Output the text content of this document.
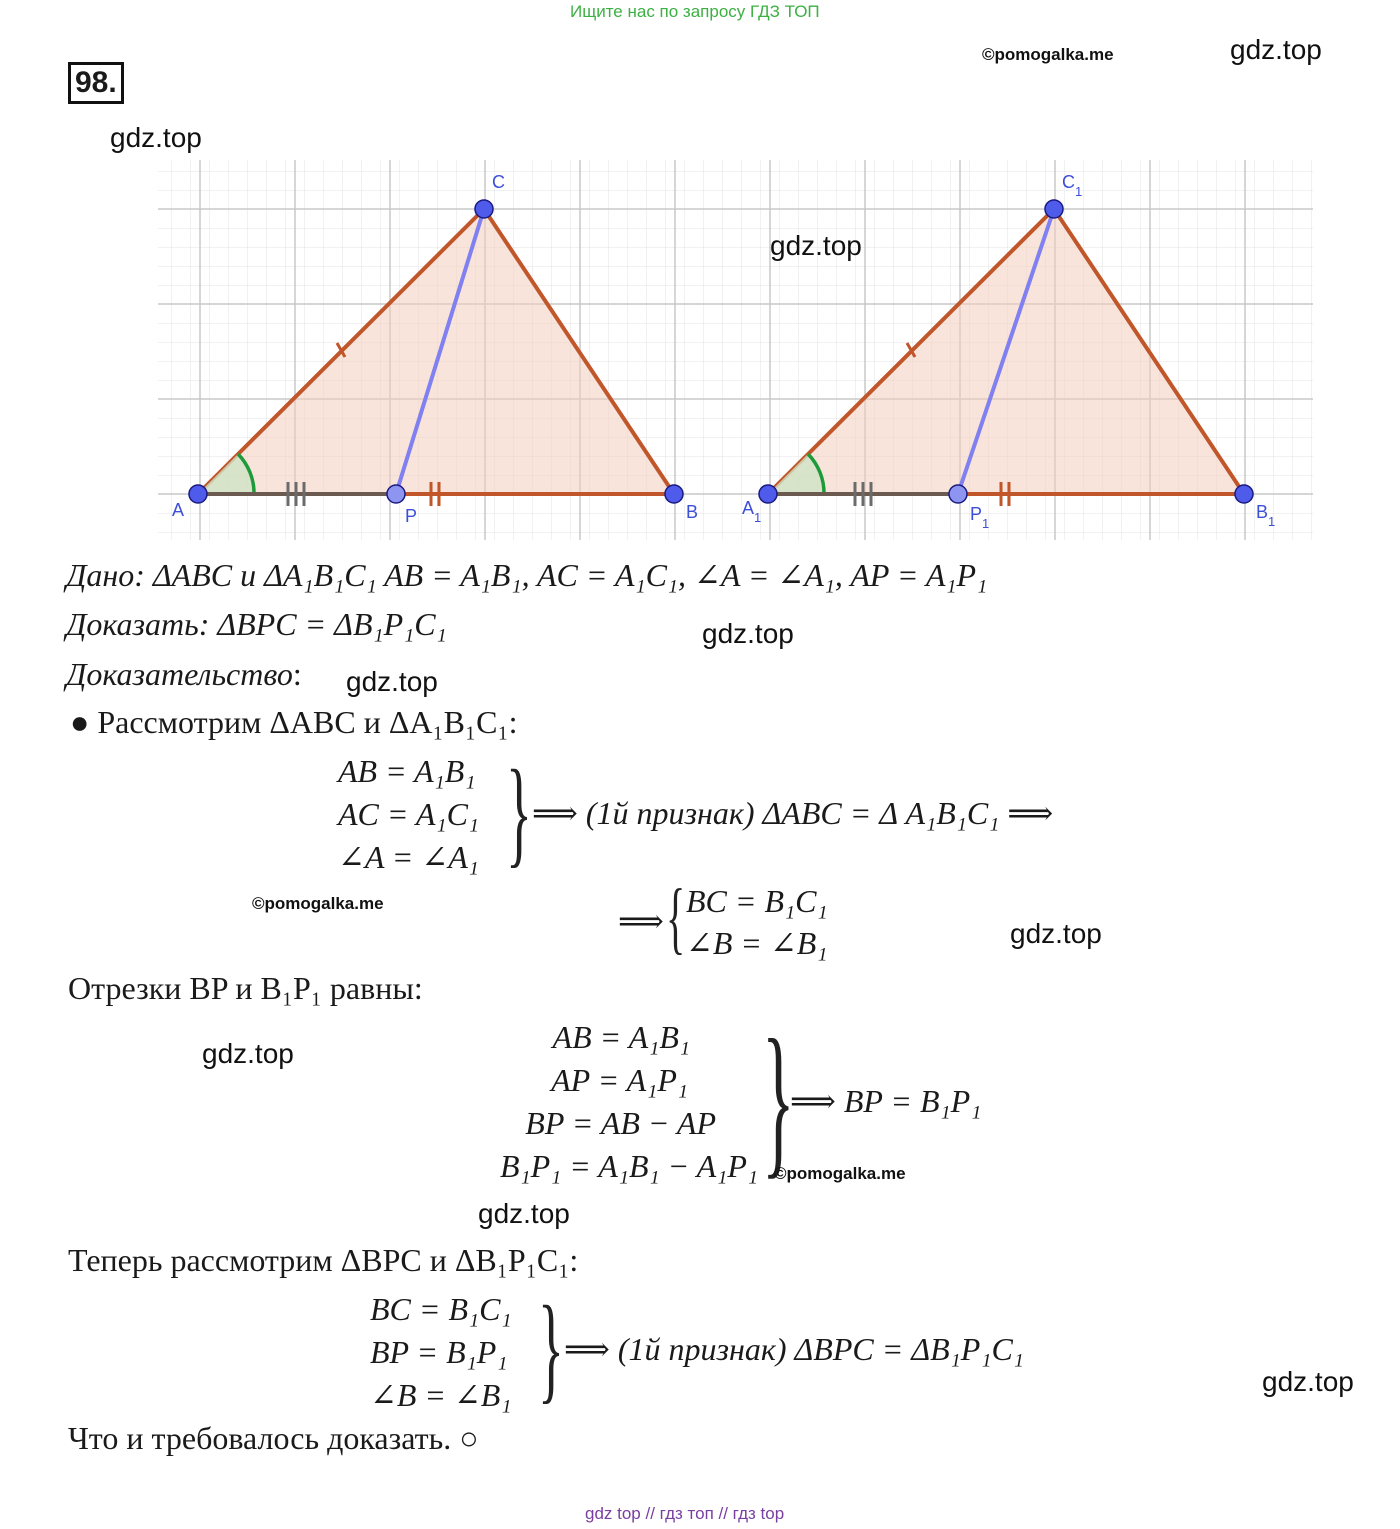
Ищите нас по запросу ГДЗ ТОП
98.
©pomogalka.me	gdz.top
gdz.top
A	P	B
C
$A_1$	$P_1$
$B_1$
$C_1$
gdz.top
Дано: ΔABC и ΔA₁B₁C₁ AB = A₁B₁, AC = A₁C₁, ∠A = ∠A₁, AP = A₁P₁
Доказать: ΔBPC = ΔB₁P₁C₁	gdz.top
Доказательство: gdz.top
● Рассмотрим ΔABC и ΔA₁B₁C₁:
AB = A₁B₁
AC = A₁C₁
∠A = ∠A₁ } ⟹ (1й признак) ΔABC = Δ A₁B₁C₁ ⟹
©pomogalka.me	⟹ { BC = B₁C₁
∠B = ∠B₁	gdz.top
Отрезки BP и B₁P₁ равны:
gdz.top	AB = A₁B₁
AP = A₁P₁
BP = AB − AP
B₁P₁ = A₁B₁ − A₁P₁ }
⟹ BP = B₁P₁
©pomogalka.me
gdz.top
Теперь рассмотрим ΔBPC и ΔB₁P₁C₁:
BC = B₁C₁
BP = B₁P₁
∠B = ∠B₁ } ⟹ (1й признак) ΔBPC = ΔB₁P₁C₁
gdz.top
Что и требовалось доказать. ○
gdz top // гдз топ // гдз top
